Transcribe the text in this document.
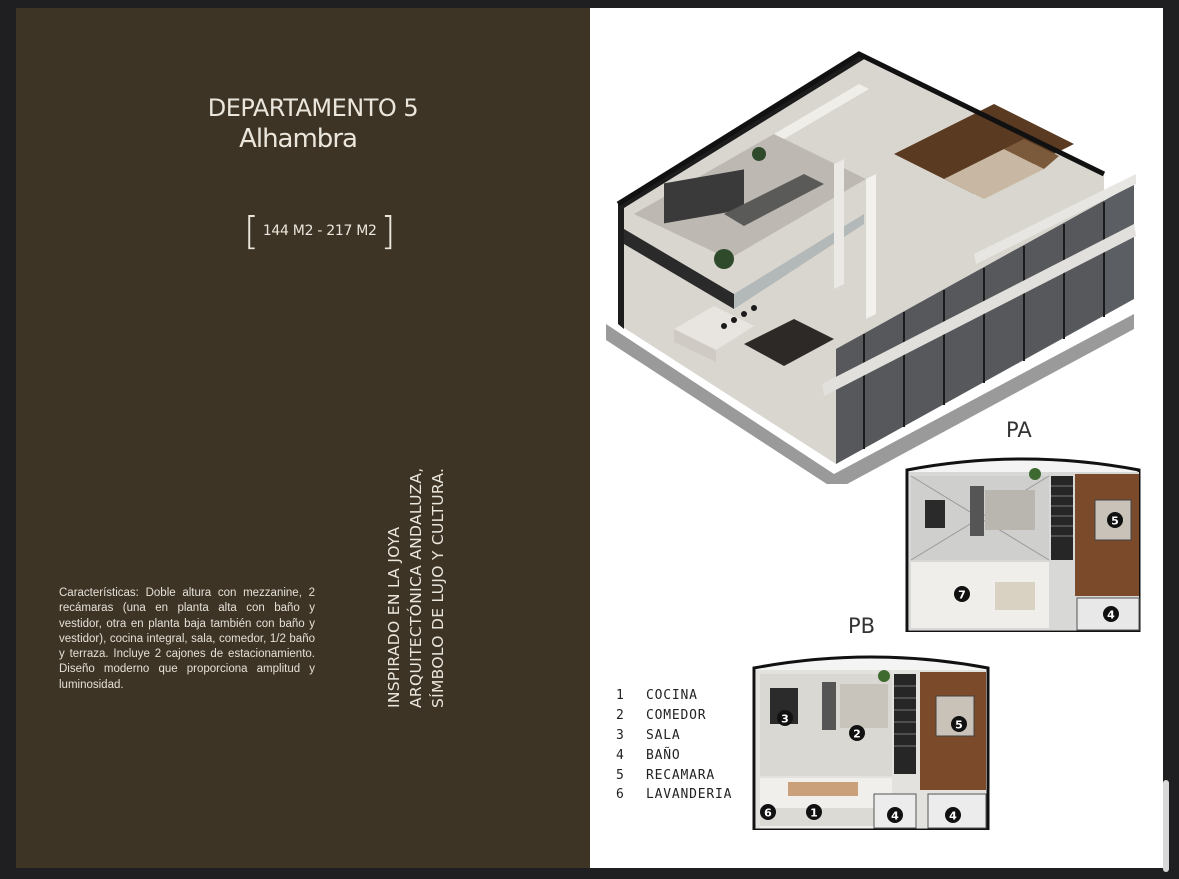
DEPARTAMENTO 5
Alhambra
[ 144 M2 - 217 M2 ]
Características: Doble altura con mezzanine, 2 recámaras (una en planta alta con baño y vestidor, otra en planta baja también con baño y vestidor), cocina integral, sala, comedor, 1/2 baño y terraza. Incluye 2 cajones de estacionamiento. Diseño moderno que proporciona amplitud y luminosidad.	INSPIRADO EN LA JOYA ARQUITECTÓNICA ANDALUZA, SÍMBOLO DE LUJO Y CULTURA.
PA
PB
5
7
4
3
2
5
6	1	4	4
1	COCINA
2	COMEDOR
3	SALA
4	BAÑO
5	RECAMARA
6	LAVANDERIA
